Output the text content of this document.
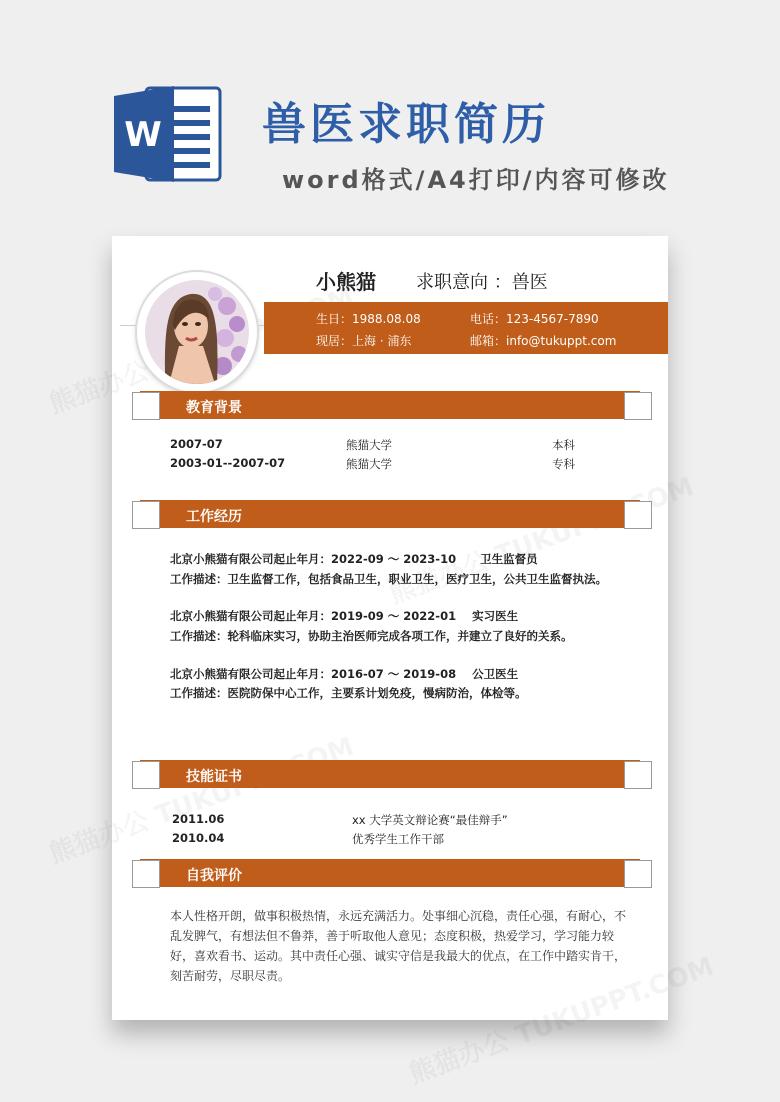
W 兽医求职简历
word格式/A4打印/内容可修改
小熊猫 求职意向 ：兽医
生日：1988.08.08
现居：上海 · 浦东
电话：123-4567-7890
邮箱：info@tukuppt.com
教育背景
2007-07	熊猫大学	本科
2003-01--2007-07	熊猫大学	专科
工作经历
北京小熊猫有限公司起止年月：2022-09 ～ 2023-10      卫生监督员
工作描述：卫生监督工作，包括食品卫生，职业卫生，医疗卫生，公共卫生监督执法。
北京小熊猫有限公司起止年月：2019-09 ～ 2022-01    实习医生
工作描述：轮科临床实习，协助主治医师完成各项工作，并建立了良好的关系。
北京小熊猫有限公司起止年月：2016-07 ～ 2019-08    公卫医生
工作描述：医院防保中心工作，主要系计划免疫，慢病防治，体检等。
技能证书
2011.06	xx 大学英文辩论赛“最佳辩手”
2010.04	优秀学生工作干部
自我评价
本人性格开朗，做事积极热情，永远充满活力。处事细心沉稳，责任心强，有耐心，不乱发脾气，有想法但不鲁莽，善于听取他人意见；态度积极，热爱学习，学习能力较好，喜欢看书、运动。其中责任心强、诚实守信是我最大的优点，在工作中踏实肯干，刻苦耐劳，尽职尽责。
